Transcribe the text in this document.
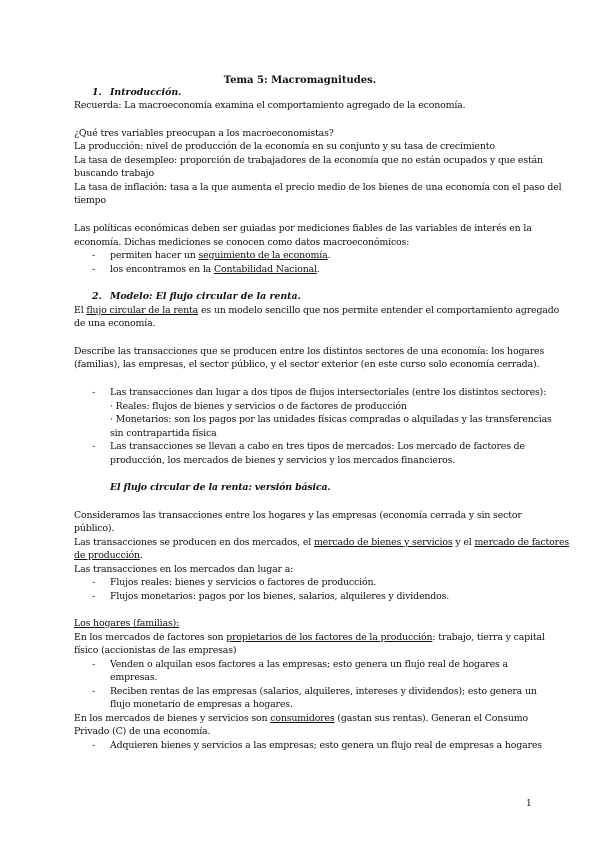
Tema 5: Macromagnitudes.
1. Introducción.
Recuerda: La macroeconomía examina el comportamiento agregado de la economía.
¿Qué tres variables preocupan a los macroeconomistas?
La producción: nivel de producción de la economía en su conjunto y su tasa de crecimiento
La tasa de desempleo: proporción de trabajadores de la economía que no están ocupados y que están
buscando trabajo
La tasa de inflación: tasa a la que aumenta el precio medio de los bienes de una economía con el paso del
tiempo
Las políticas económicas deben ser guiadas por mediciones fiables de las variables de interés en la
economía. Dichas mediciones se conocen como datos macroeconómicos:
- permiten hacer un seguimiento de la economía.
- los encontramos en la Contabilidad Nacional.
2. Modelo: El flujo circular de la renta.
El flujo circular de la renta es un modelo sencillo que nos permite entender el comportamiento agregado
de una economía.
Describe las transacciones que se producen entre los distintos sectores de una economía: los hogares
(familias), las empresas, el sector público, y el sector exterior (en este curso solo economía cerrada).
- Las transacciones dan lugar a dos tipos de flujos intersectoriales (entre los distintos sectores):
· Reales: flujos de bienes y servicios o de factores de producción
· Monetarios: son los pagos por las unidades físicas compradas o alquiladas y las transferencias
sin contrapartida física
- Las transacciones se llevan a cabo en tres tipos de mercados: Los mercado de factores de
producción, los mercados de bienes y servicios y los mercados financieros.
El flujo circular de la renta: versión básica.
Consideramos las transacciones entre los hogares y las empresas (economía cerrada y sin sector
público).
Las transacciones se producen en dos mercados, el mercado de bienes y servicios y el mercado de factores
de producción.
Las transacciones en los mercados dan lugar a:
- Flujos reales: bienes y servicios o factores de producción.
- Flujos monetarios: pagos por los bienes, salarios, alquileres y dividendos.
Los hogares (familias):
En los mercados de factores son propietarios de los factores de la producción: trabajo, tierra y capital
físico (accionistas de las empresas)
- Venden o alquilan esos factores a las empresas; esto genera un flujo real de hogares a
empresas.
- Reciben rentas de las empresas (salarios, alquileres, intereses y dividendos); esto genera un
flujo monetario de empresas a hogares.
En los mercados de bienes y servicios son consumidores (gastan sus rentas). Generan el Consumo
Privado (C) de una economía.
- Adquieren bienes y servicios a las empresas; esto genera un flujo real de empresas a hogares
1
